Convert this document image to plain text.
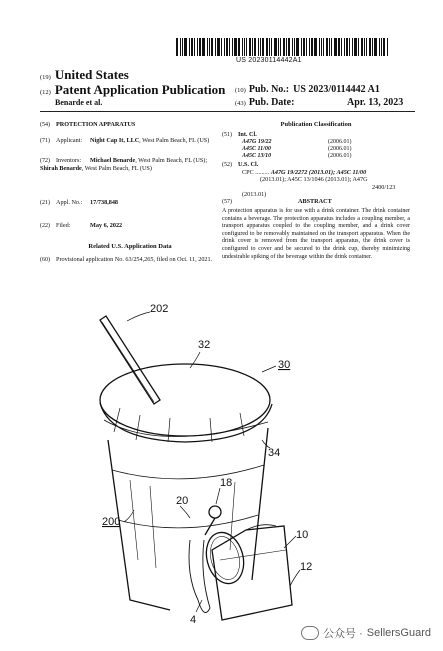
US 20230114442A1
(19) United States
(12) Patent Application Publication
Benarde et al.
(10) Pub. No.: US 2023/0114442 A1
(43) Pub. Date:	Apr. 13, 2023
(54) PROTECTION APPARATUS
(71) Applicant: Night Cap It, LLC, West Palm Beach, FL (US)
(72) Inventors: Michael Benarde, West Palm Beach, FL (US); Shirah Benarde, West Palm Beach, FL (US)
(21) Appl. No.: 17/738,848
(22) Filed:	May 6, 2022
Related U.S. Application Data
(60) Provisional application No. 63/254,265, filed on Oct. 11, 2021.
Publication Classification
(51) Int. Cl.
A47G 19/22	(2006.01)
A45C 11/00	(2006.01)
A45C 13/10	(2006.01)
(52) U.S. Cl.
CPC ......... A47G 19/2272 (2013.01); A45C 11/00
(2013.01); A45C 13/1046 (2013.01); A47G
2400/123 (2013.01)
(57)	ABSTRACT
A protection apparatus is for use with a drink container. The drink container contains a beverage. The protection apparatus includes a coupling member, a transport apparatus coupled to the coupling member, and a drink cover configured to be removably maintained on the transport apparatus. When the drink cover is removed from the transport apparatus, the drink cover is configured to cover and be secured to the drink cup, thereby minimizing undesirable spiking of the beverage within the drink container.
202
32
30
34
200
18
20
10
12
4
公众号 · SellersGuard
